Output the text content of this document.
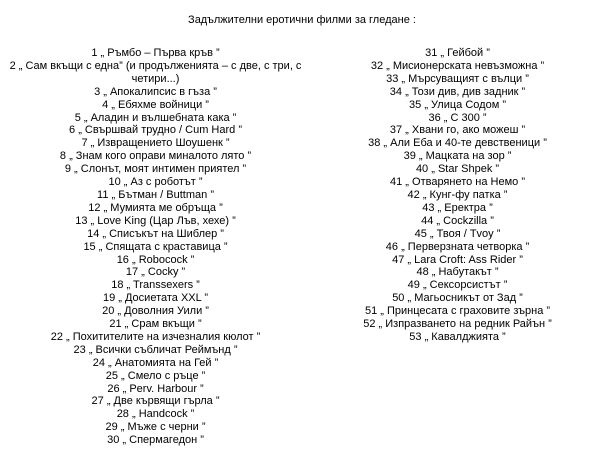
Задължителни еротични филми за гледане :
1 „ Ръмбо – Първа кръв ”
2 „ Сам вкъщи с една” (и продълженията – с две, с три, с четири...)
3 „ Апокалипсис в гъза ”
4 „ Ебяхме войници ”
5 „ Аладин и вълшебната кака ”
6 „ Свършвай трудно / Cum Hard ”
7 „ Извращението Шоушенк ”
8 „ Знам кого оправи миналото лято ”
9 „ Слонът, моят интимен приятел ”
10 „ Аз с роботът ”
11 „ Бътман / Buttman ”
12 „ Мумията ме обръща ”
13 „ Love King (Цар Лъв, хехе) ”
14 „ Списъкът на Шиблер ”
15 „ Спящата с краставица ”
16 „ Robocock ”
17 „ Cocky ”
18 „ Transsexers ”
19 „ Досиетата XXL ”
20 „ Доволния Уили ”
21 „ Срам вкъщи ”
22 „ Похитителите на изчезналия кюлот ”
23 „ Всички събличат Реймънд ”
24 „ Анатомията на Гей ”
25 „ Смело с ръце ”
26 „ Perv. Harbour ”
27 „ Две кървящи гърла ”
28 „ Handcock ”
29 „ Мъже с черни ”
30 „ Спермагедон ”
31 „ Гейбой ”
32 „ Мисионерската невъзможна ”
33 „ Мърсуващият с вълци ”
34 „ Този див, див задник ”
35 „ Улица Содом ”
36 „ С 300 ”
37 „ Хвани го, ако можеш ”
38 „ Али Еба и 40-те девственици ”
39 „ Мацката на зор ”
40 „ Star Shpek ”
41 „ Отварянето на Немо ”
42 „ Кунг-фу патка ”
43 „ Еректра ”
44 „ Cockzilla ”
45 „ Твоя / Tvoy ”
46 „ Перверзната четворка ”
47 „ Lara Croft: Ass Rider ”
48 „ Набутакът ”
49 „ Сексорсистът ”
50 „ Магьосникът от Зад ”
51 „ Принцесата с граховите зърна ”
52 „ Изпразването на редник Райън ”
53 „ Кавалджията ”
